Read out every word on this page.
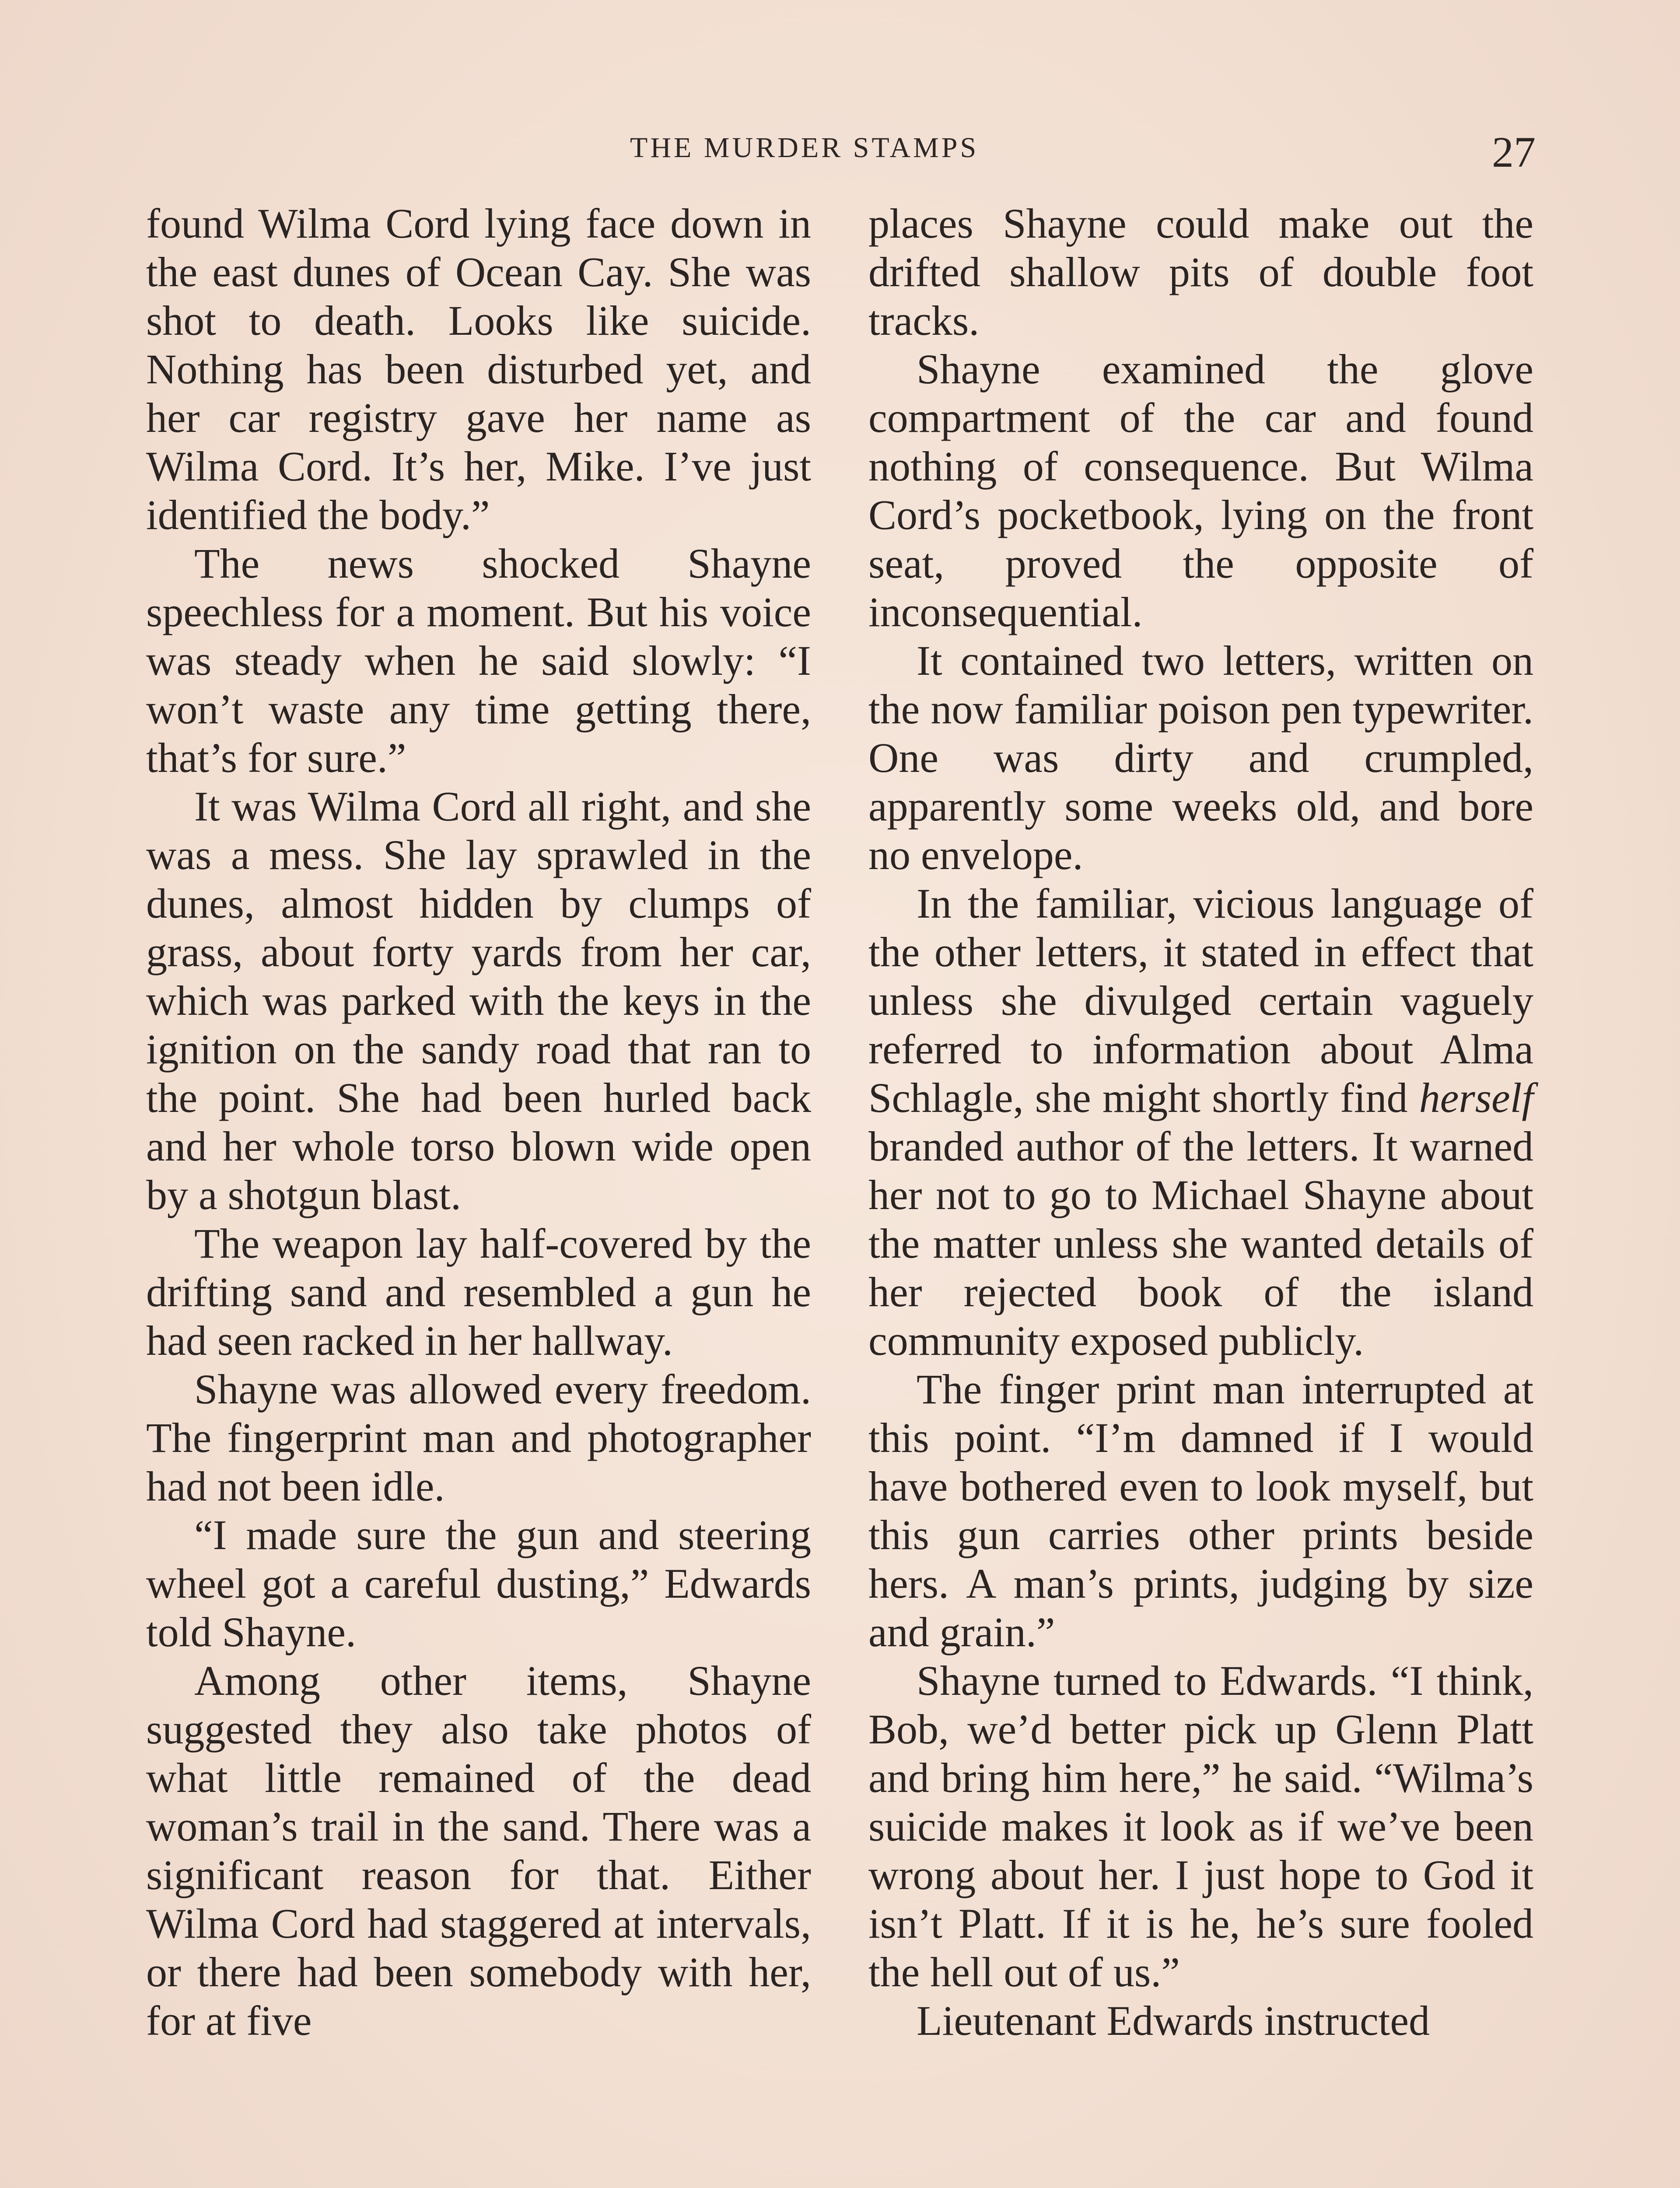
THE MURDER STAMPS	27

found Wilma Cord lying face down in the east dunes of Ocean Cay. She was shot to death. Looks like suicide. Nothing has been disturbed yet, and her car registry gave her name as Wilma Cord. It’s her, Mike. I’ve just identified the body.”

The news shocked Shayne speechless for a moment. But his voice was steady when he said slowly: “I won’t waste any time getting there, that’s for sure.”

It was Wilma Cord all right, and she was a mess. She lay sprawled in the dunes, almost hidden by clumps of grass, about forty yards from her car, which was parked with the keys in the ignition on the sandy road that ran to the point. She had been hurled back and her whole torso blown wide open by a shotgun blast.

The weapon lay half-covered by the drifting sand and resembled a gun he had seen racked in her hallway.

Shayne was allowed every freedom. The fingerprint man and photographer had not been idle.

“I made sure the gun and steering wheel got a careful dusting,” Edwards told Shayne.

Among other items, Shayne suggested they also take photos of what little remained of the dead woman’s trail in the sand. There was a significant reason for that. Either Wilma Cord had staggered at intervals, or there had been somebody with her, for at five

places Shayne could make out the drifted shallow pits of double foot tracks.

Shayne examined the glove compartment of the car and found nothing of consequence. But Wilma Cord’s pocketbook, lying on the front seat, proved the opposite of inconsequential.

It contained two letters, written on the now familiar poison pen typewriter. One was dirty and crumpled, apparently some weeks old, and bore no envelope.

In the familiar, vicious language of the other letters, it stated in effect that unless she divulged certain vaguely referred to information about Alma Schlagle, she might shortly find herself branded author of the letters. It warned her not to go to Michael Shayne about the matter unless she wanted details of her rejected book of the island community exposed publicly.

The finger print man interrupted at this point. “I’m damned if I would have bothered even to look myself, but this gun carries other prints beside hers. A man’s prints, judging by size and grain.”

Shayne turned to Edwards. “I think, Bob, we’d better pick up Glenn Platt and bring him here,” he said. “Wilma’s suicide makes it look as if we’ve been wrong about her. I just hope to God it isn’t Platt. If it is he, he’s sure fooled the hell out of us.”

Lieutenant Edwards instructed
